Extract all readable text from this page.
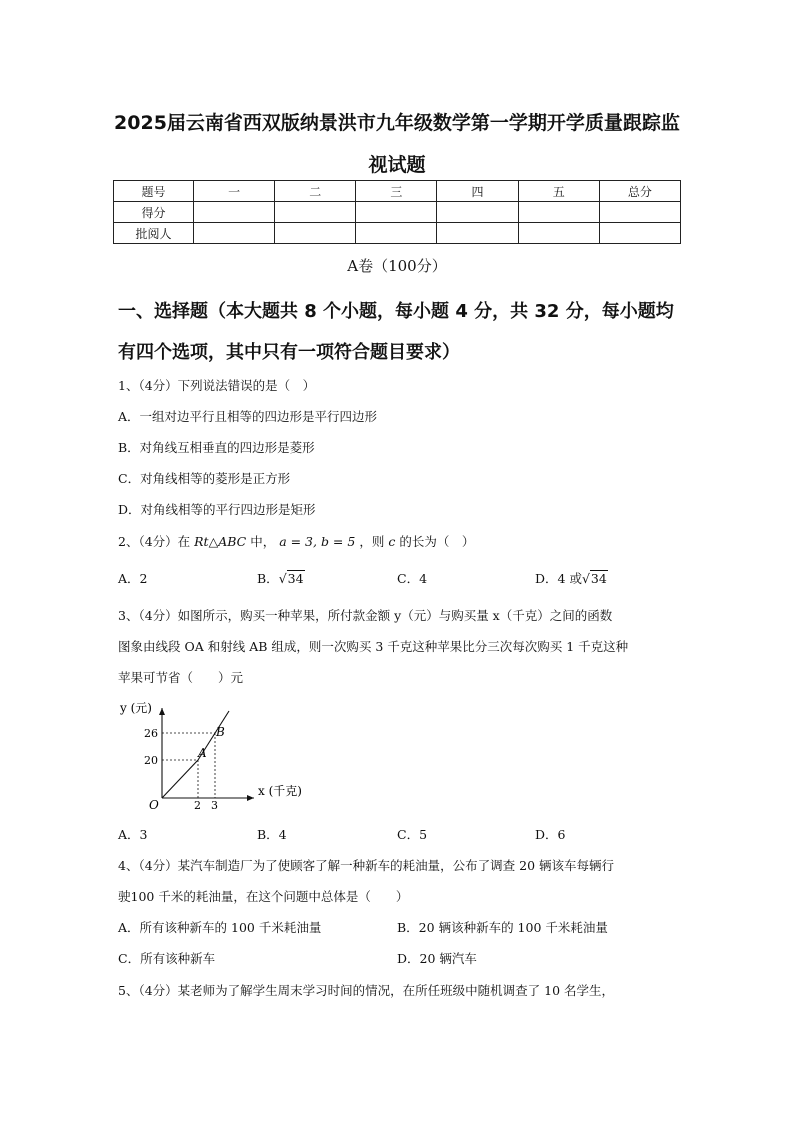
2025届云南省西双版纳景洪市九年级数学第一学期开学质量跟踪监
视试题
题号	一	二	三	四	五	总分
得分						
批阅人						
A卷（100分）
一、选择题（本大题共 8 个小题，每小题 4 分，共 32 分，每小题均
有四个选项，其中只有一项符合题目要求）
1、（4分）下列说法错误的是（　）
A．一组对边平行且相等的四边形是平行四边形
B．对角线互相垂直的四边形是菱形
C．对角线相等的菱形是正方形
D．对角线相等的平行四边形是矩形
2、（4分）在 Rt△ABC 中， a = 3, b = 5 ，则 c 的长为（　）
A．2	B．√34	C．4	D．4 或√34
3、（4分）如图所示，购买一种苹果，所付款金额 y（元）与购买量 x（千克）之间的函数
图象由线段 OA 和射线 AB 组成，则一次购买 3 千克这种苹果比分三次每次购买 1 千克这种
苹果可节省（　　）元
y (元)
x (千克)
O
26
20
2 3
A
B
A．3	B．4	C．5	D．6
4、（4分）某汽车制造厂为了使顾客了解一种新车的耗油量，公布了调查 20 辆该车每辆行
驶100 千米的耗油量，在这个问题中总体是（　　）
A．所有该种新车的 100 千米耗油量	B．20 辆该种新车的 100 千米耗油量
C．所有该种新车	D．20 辆汽车
5、（4分）某老师为了解学生周末学习时间的情况，在所任班级中随机调查了 10 名学生，
